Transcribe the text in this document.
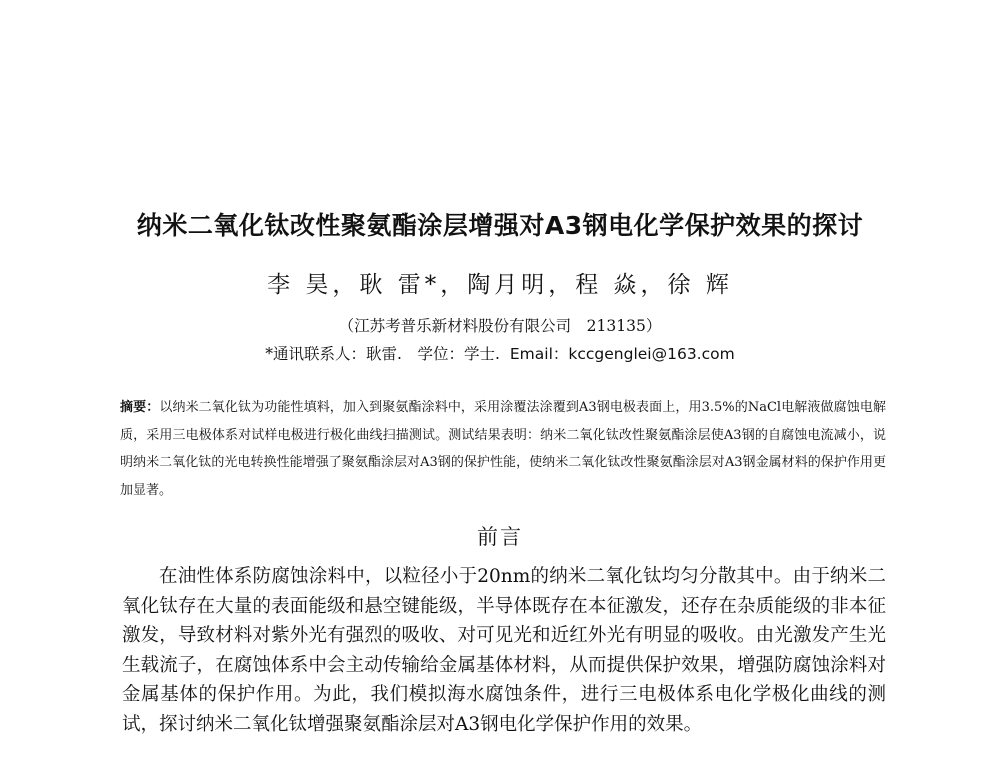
纳米二氧化钛改性聚氨酯涂层增强对A3钢电化学保护效果的探讨
李 昊，耿 雷*，陶月明，程 焱，徐 辉
（江苏考普乐新材料股份有限公司　213135）
*通讯联系人：耿雷.　学位：学士. Email：kccgenglei@163.com
摘要：以纳米二氧化钛为功能性填料，加入到聚氨酯涂料中，采用涂覆法涂覆到A3钢电极表面上，用3.5%的NaCl电解液做腐蚀电解质，采用三电极体系对试样电极进行极化曲线扫描测试。测试结果表明：纳米二氧化钛改性聚氨酯涂层使A3钢的自腐蚀电流减小，说明纳米二氧化钛的光电转换性能增强了聚氨酯涂层对A3钢的保护性能，使纳米二氧化钛改性聚氨酯涂层对A3钢金属材料的保护作用更加显著。
前言
在油性体系防腐蚀涂料中，以粒径小于20nm的纳米二氧化钛均匀分散其中。由于纳米二氧化钛存在大量的表面能级和悬空键能级，半导体既存在本征激发，还存在杂质能级的非本征激发，导致材料对紫外光有强烈的吸收、对可见光和近红外光有明显的吸收。由光激发产生光生载流子，在腐蚀体系中会主动传输给金属基体材料，从而提供保护效果，增强防腐蚀涂料对金属基体的保护作用。为此，我们模拟海水腐蚀条件，进行三电极体系电化学极化曲线的测试，探讨纳米二氧化钛增强聚氨酯涂层对A3钢电化学保护作用的效果。
